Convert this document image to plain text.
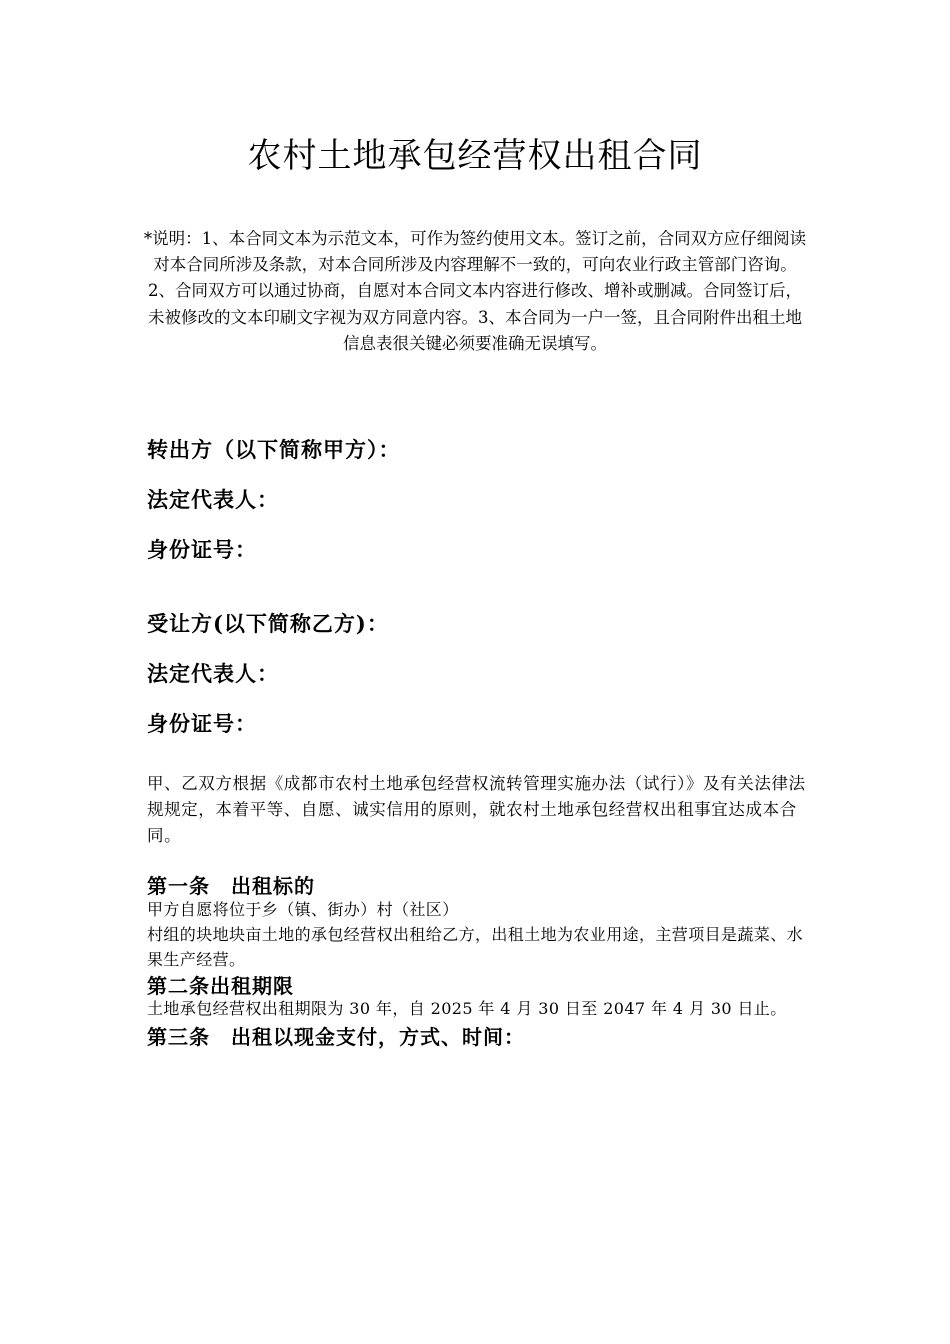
农村土地承包经营权出租合同

*说明：1、本合同文本为示范文本，可作为签约使用文本。签订之前，合同双方应仔细阅读对本合同所涉及条款，对本合同所涉及内容理解不一致的，可向农业行政主管部门咨询。2、合同双方可以通过协商，自愿对本合同文本内容进行修改、增补或删减。合同签订后，未被修改的文本印刷文字视为双方同意内容。3、本合同为一户一签，且合同附件出租土地信息表很关键必须要准确无误填写。

转出方（以下简称甲方）：

法定代表人：

身份证号：

受让方(以下简称乙方)：

法定代表人：

身份证号：

甲、乙双方根据《成都市农村土地承包经营权流转管理实施办法（试行）》及有关法律法规规定，本着平等、自愿、诚实信用的原则，就农村土地承包经营权出租事宜达成本合同。

第一条　出租标的

甲方自愿将位于乡（镇、街办）村（社区）

村组的块地块亩土地的承包经营权出租给乙方，出租土地为农业用途，主营项目是蔬菜、水果生产经营。

第二条出租期限

土地承包经营权出租期限为 30 年，自 2025 年 4 月 30 日至 2047 年 4 月 30 日止。

第三条　出租以现金支付，方式、时间：
